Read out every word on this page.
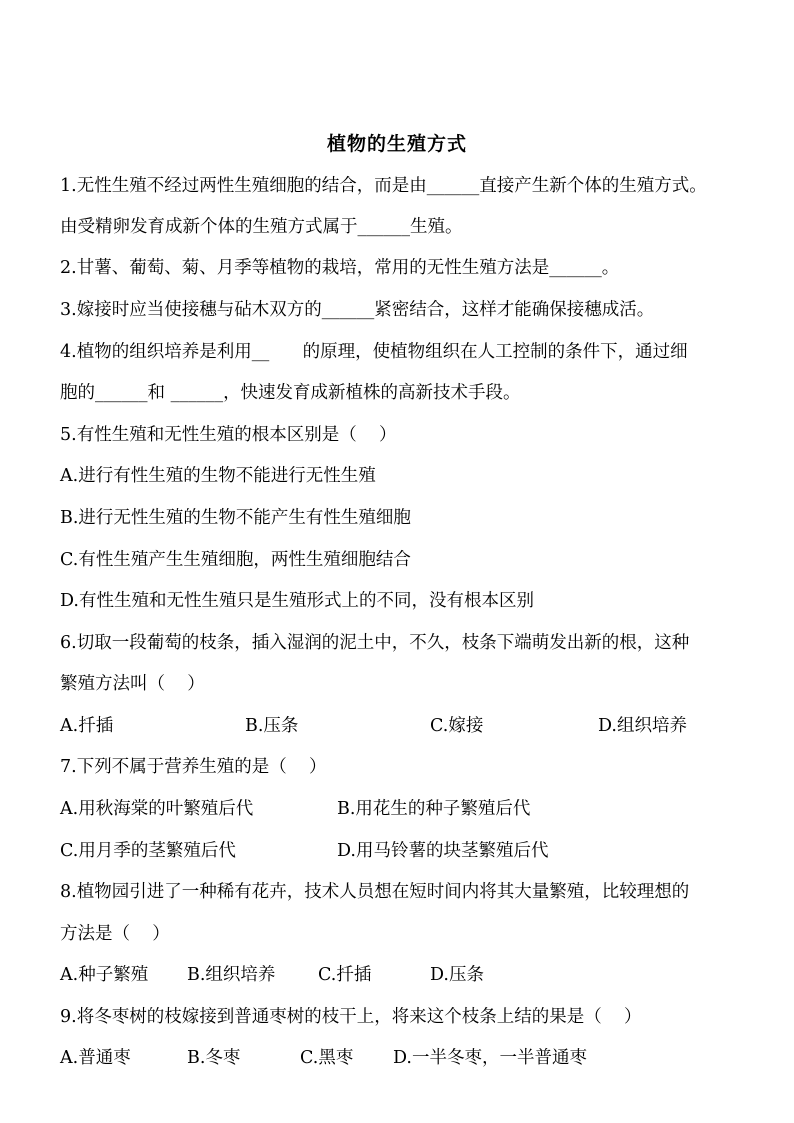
植物的生殖方式
1.无性生殖不经过两性生殖细胞的结合，而是由______直接产生新个体的生殖方式。
由受精卵发育成新个体的生殖方式属于______生殖。
2.甘薯、葡萄、菊、月季等植物的栽培，常用的无性生殖方法是______。
3.嫁接时应当使接穗与砧木双方的______紧密结合，这样才能确保接穗成活。
4.植物的组织培养是利用__      的原理，使植物组织在人工控制的条件下，通过细
胞的______和 ______，快速发育成新植株的高新技术手段。
5.有性生殖和无性生殖的根本区别是（    ）
A.进行有性生殖的生物不能进行无性生殖
B.进行无性生殖的生物不能产生有性生殖细胞
C.有性生殖产生生殖细胞，两性生殖细胞结合
D.有性生殖和无性生殖只是生殖形式上的不同，没有根本区别
6.切取一段葡萄的枝条，插入湿润的泥土中，不久，枝条下端萌发出新的根，这种
繁殖方法叫（    ）
A.扦插	B.压条	C.嫁接	D.组织培养
7.下列不属于营养生殖的是（    ）
A.用秋海棠的叶繁殖后代	B.用花生的种子繁殖后代
C.用月季的茎繁殖后代	D.用马铃薯的块茎繁殖后代
8.植物园引进了一种稀有花卉，技术人员想在短时间内将其大量繁殖，比较理想的
方法是（    ）
A.种子繁殖 B.组织培养 C.扦插	D.压条
9.将冬枣树的枝嫁接到普通枣树的枝干上，将来这个枝条上结的果是（    ）
A.普通枣	B.冬枣	C.黑枣 D.一半冬枣，一半普通枣
